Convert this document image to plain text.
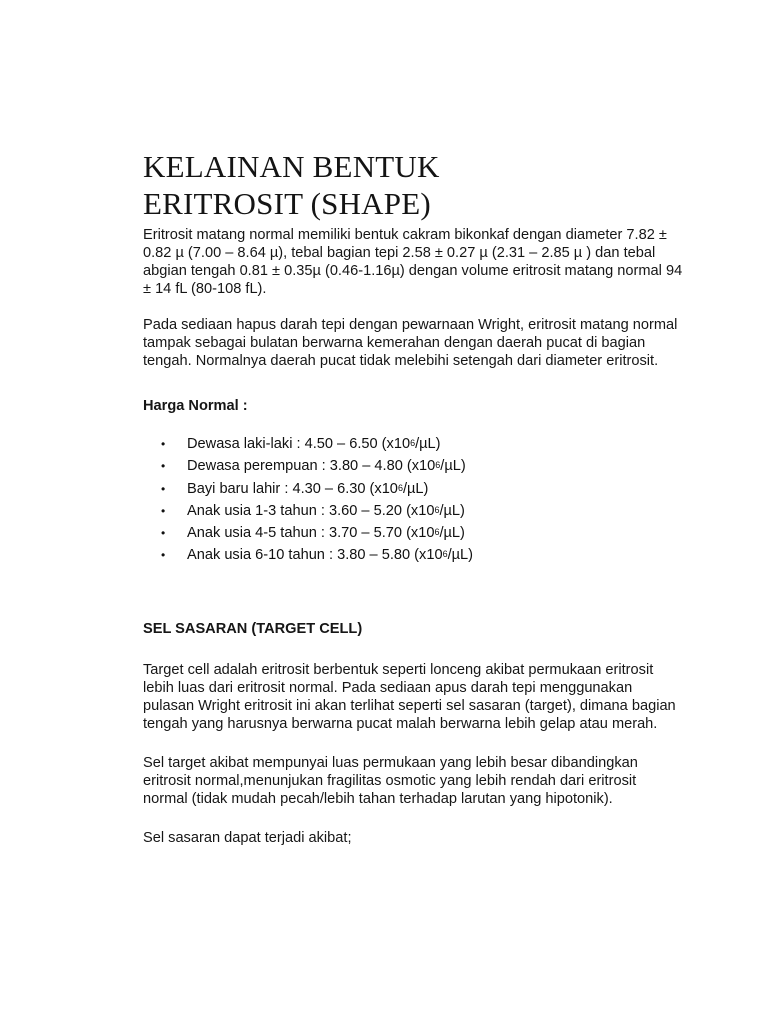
KELAINAN BENTUK
ERITROSIT (SHAPE)

Eritrosit matang normal memiliki bentuk cakram bikonkaf dengan diameter 7.82 ± 0.82 µ (7.00 – 8.64 µ), tebal bagian tepi 2.58 ± 0.27 µ (2.31 – 2.85 µ ) dan tebal abgian tengah 0.81 ± 0.35µ (0.46-1.16µ) dengan volume eritrosit matang normal 94 ± 14 fL (80-108 fL).

Pada sediaan hapus darah tepi dengan pewarnaan Wright, eritrosit matang normal tampak sebagai bulatan berwarna kemerahan dengan daerah pucat di bagian tengah. Normalnya daerah pucat tidak melebihi setengah dari diameter eritrosit.

Harga Normal :

• Dewasa laki-laki : 4.50 – 6.50 $(x10^6/\mu L)$
• Dewasa perempuan : 3.80 – 4.80 $(x10^6/\mu L)$
• Bayi baru lahir : 4.30 – 6.30 $(x10^6/\mu L)$
• Anak usia 1-3 tahun : 3.60 – 5.20 $(x10^6/\mu L)$
• Anak usia 4-5 tahun : 3.70 – 5.70 $(x10^6/\mu L)$
• Anak usia 6-10 tahun : 3.80 – 5.80 $(x10^6/\mu L)$

SEL SASARAN (TARGET CELL)

Target cell adalah eritrosit berbentuk seperti lonceng akibat permukaan eritrosit lebih luas dari eritrosit normal. Pada sediaan apus darah tepi menggunakan pulasan Wright eritrosit ini akan terlihat seperti sel sasaran (target), dimana bagian tengah yang harusnya berwarna pucat malah berwarna lebih gelap atau merah.

Sel target akibat mempunyai luas permukaan yang lebih besar dibandingkan eritrosit normal,menunjukan fragilitas osmotic yang lebih rendah dari eritrosit normal (tidak mudah pecah/lebih tahan terhadap larutan yang hipotonik).

Sel sasaran dapat terjadi akibat;
